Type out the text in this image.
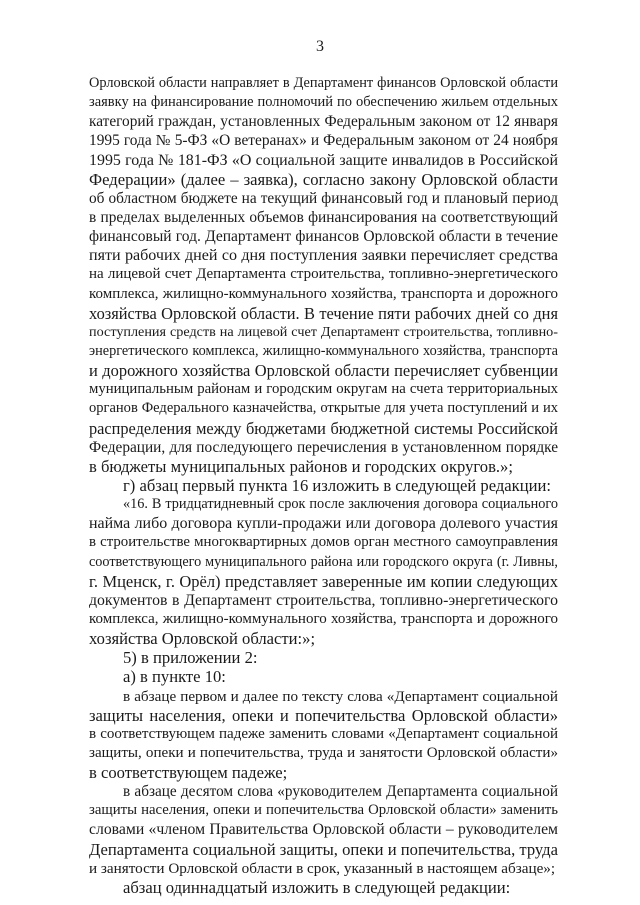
3
Орловской области направляет в Департамент финансов Орловской области
заявку на финансирование полномочий по обеспечению жильем отдельных
категорий граждан, установленных Федеральным законом от 12 января
1995 года № 5-ФЗ «О ветеранах» и Федеральным законом от 24 ноября
1995 года № 181-ФЗ «О социальной защите инвалидов в Российской
Федерации» (далее – заявка), согласно закону Орловской области
об областном бюджете на текущий финансовый год и плановый период
в пределах выделенных объемов финансирования на соответствующий
финансовый год. Департамент финансов Орловской области в течение
пяти рабочих дней со дня поступления заявки перечисляет средства
на лицевой счет Департамента строительства, топливно-энергетического
комплекса, жилищно-коммунального хозяйства, транспорта и дорожного
хозяйства Орловской области. В течение пяти рабочих дней со дня
поступления средств на лицевой счет Департамент строительства, топливно-
энергетического комплекса, жилищно-коммунального хозяйства, транспорта
и дорожного хозяйства Орловской области перечисляет субвенции
муниципальным районам и городским округам на счета территориальных
органов Федерального казначейства, открытые для учета поступлений и их
распределения между бюджетами бюджетной системы Российской
Федерации, для последующего перечисления в установленном порядке
в бюджеты муниципальных районов и городских округов.»;
г) абзац первый пункта 16 изложить в следующей редакции:
«16. В тридцатидневный срок после заключения договора социального
найма либо договора купли-продажи или договора долевого участия
в строительстве многоквартирных домов орган местного самоуправления
соответствующего муниципального района или городского округа (г. Ливны,
г. Мценск, г. Орёл) представляет заверенные им копии следующих
документов в Департамент строительства, топливно-энергетического
комплекса, жилищно-коммунального хозяйства, транспорта и дорожного
хозяйства Орловской области:»;
5) в приложении 2:
а) в пункте 10:
в абзаце первом и далее по тексту слова «Департамент социальной
защиты населения, опеки и попечительства Орловской области»
в соответствующем падеже заменить словами «Департамент социальной
защиты, опеки и попечительства, труда и занятости Орловской области»
в соответствующем падеже;
в абзаце десятом слова «руководителем Департамента социальной
защиты населения, опеки и попечительства Орловской области» заменить
словами «членом Правительства Орловской области – руководителем
Департамента социальной защиты, опеки и попечительства, труда
и занятости Орловской области в срок, указанный в настоящем абзаце»;
абзац одиннадцатый изложить в следующей редакции:
